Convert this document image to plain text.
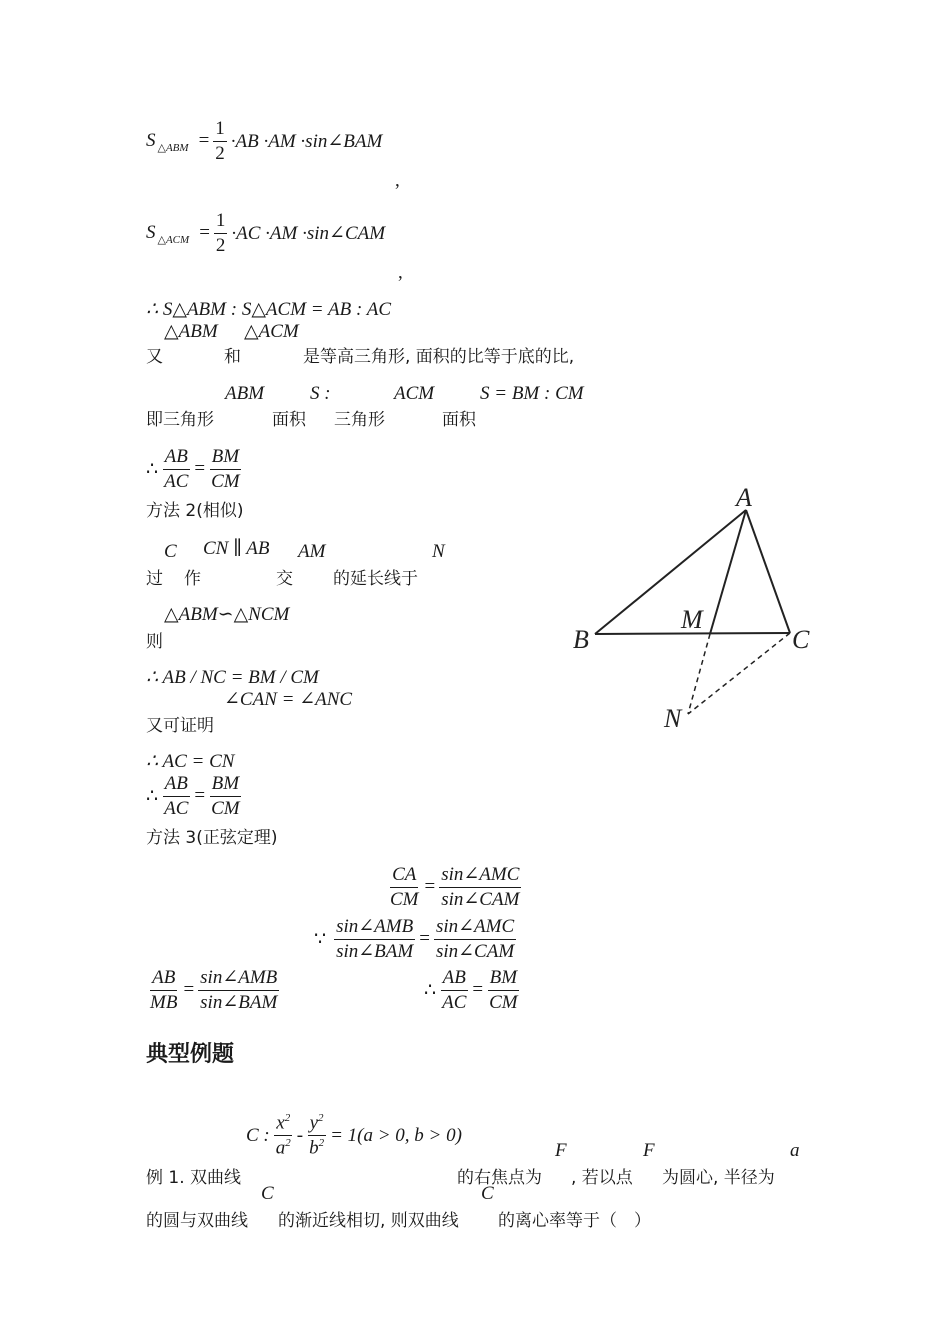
S △ABM = $\frac{1}{2} \cdot AB \cdot AM$ ·sin∠BAM
,
S △ACM = $\frac{1}{2} \cdot AC \cdot AM$ ·sin∠CAM
,
∴ S△ABM : S△ACM = AB : AC
△ABM △ACM
又	和	是等高三角形, 面积的比等于底的比,
ABM S :	ACM S = BM : CM
即三角形	面积 三角形	面积
∴ $\frac{AB}{AC} = \frac{BM}{CM}$
方法 2(相似)
C CN ∥ AB AM	N
过 作	交 的延长线于
△ABM∽△NCM
则
∴ AB / NC = BM / CM
∠CAN = ∠ANC
又可证明
∴ AC = CN
∴ $\frac{AB}{AC} = \frac{BM}{CM}$
方法 3(正弦定理)
$\frac{CA}{CM} = \frac{\text{sin∠AMC}}{\text{sin∠CAM}}$
∵ $\frac{\text{sin∠AMB}}{\text{sin∠BAM}} = \frac{\text{sin∠AMC}}{\text{sin∠CAM}}$
$\frac{AB}{MB} = \frac{\text{sin∠AMB}}{\text{sin∠BAM}}$	∴ $\frac{AB}{AC} = \frac{BM}{CM}$
典型例题
C : $\frac{x^2}{a^2} - \frac{y^2}{b^2} = 1(a > 0$, b > 0)
F	F	a
例 1. 双曲线	的右焦点为 , 若以点 为圆心, 半径为
C	C
的圆与双曲线 的渐近线相切, 则双曲线 的离心率等于（　）
A
B	C
M
N
